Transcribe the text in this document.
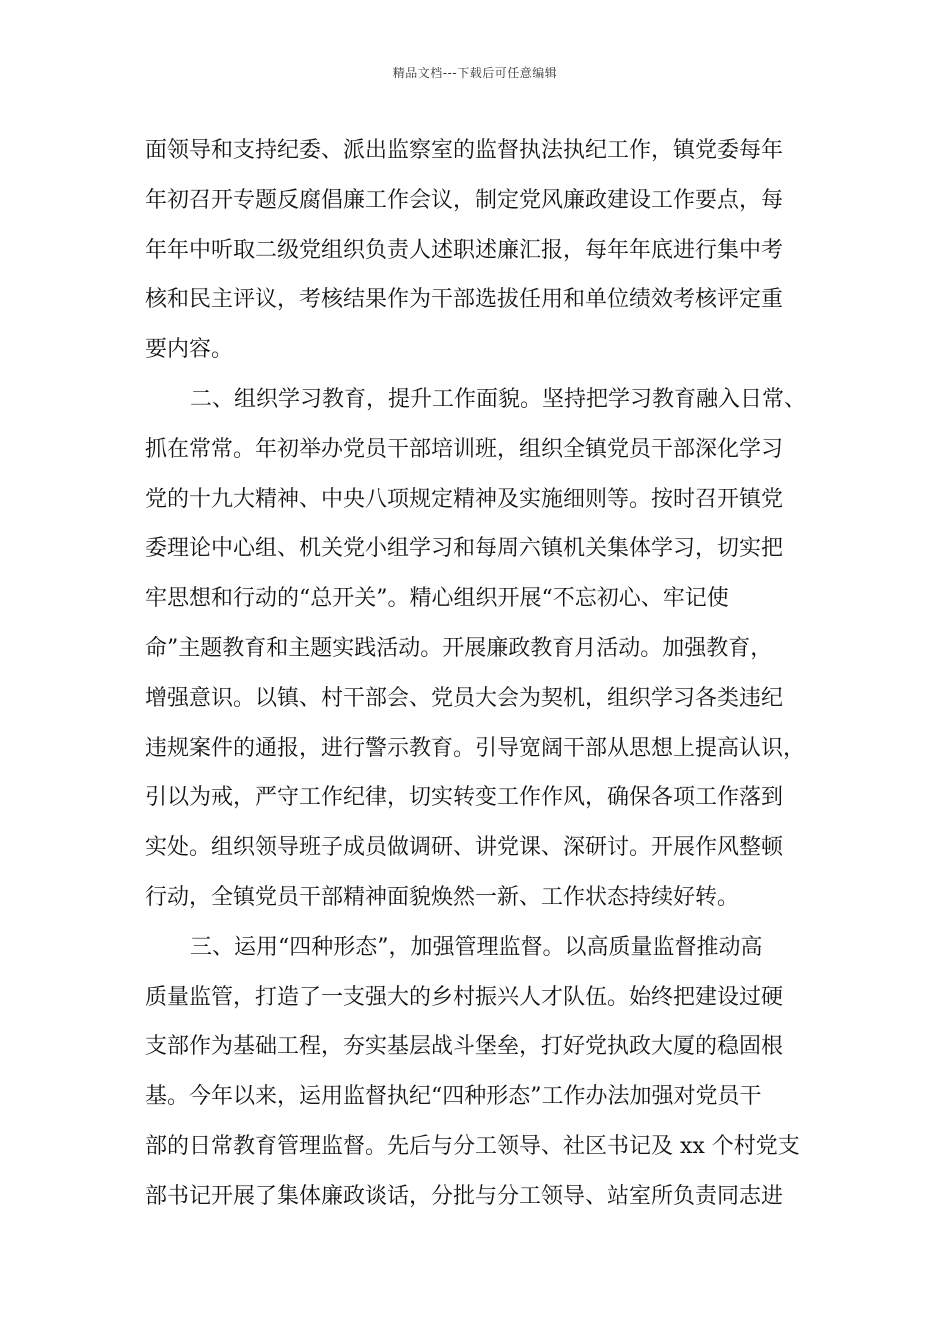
精品文档---下载后可任意编辑
面领导和支持纪委、派出监察室的监督执法执纪工作，镇党委每年
年初召开专题反腐倡廉工作会议，制定党风廉政建设工作要点，每
年年中听取二级党组织负责人述职述廉汇报，每年年底进行集中考
核和民主评议，考核结果作为干部选拔任用和单位绩效考核评定重
要内容。
二、组织学习教育，提升工作面貌。坚持把学习教育融入日常、
抓在常常。年初举办党员干部培训班，组织全镇党员干部深化学习
党的十九大精神、中央八项规定精神及实施细则等。按时召开镇党
委理论中心组、机关党小组学习和每周六镇机关集体学习，切实把
牢思想和行动的“总开关”。精心组织开展“不忘初心、牢记使
命”主题教育和主题实践活动。开展廉政教育月活动。加强教育，
增强意识。以镇、村干部会、党员大会为契机，组织学习各类违纪
违规案件的通报，进行警示教育。引导宽阔干部从思想上提高认识，
引以为戒，严守工作纪律，切实转变工作作风，确保各项工作落到
实处。组织领导班子成员做调研、讲党课、深研讨。开展作风整顿
行动，全镇党员干部精神面貌焕然一新、工作状态持续好转。
三、运用“四种形态”，加强管理监督。以高质量监督推动高
质量监管，打造了一支强大的乡村振兴人才队伍。始终把建设过硬
支部作为基础工程，夯实基层战斗堡垒，打好党执政大厦的稳固根
基。今年以来，运用监督执纪“四种形态”工作办法加强对党员干
部的日常教育管理监督。先后与分工领导、社区书记及 xx 个村党支
部书记开展了集体廉政谈话，分批与分工领导、站室所负责同志进
